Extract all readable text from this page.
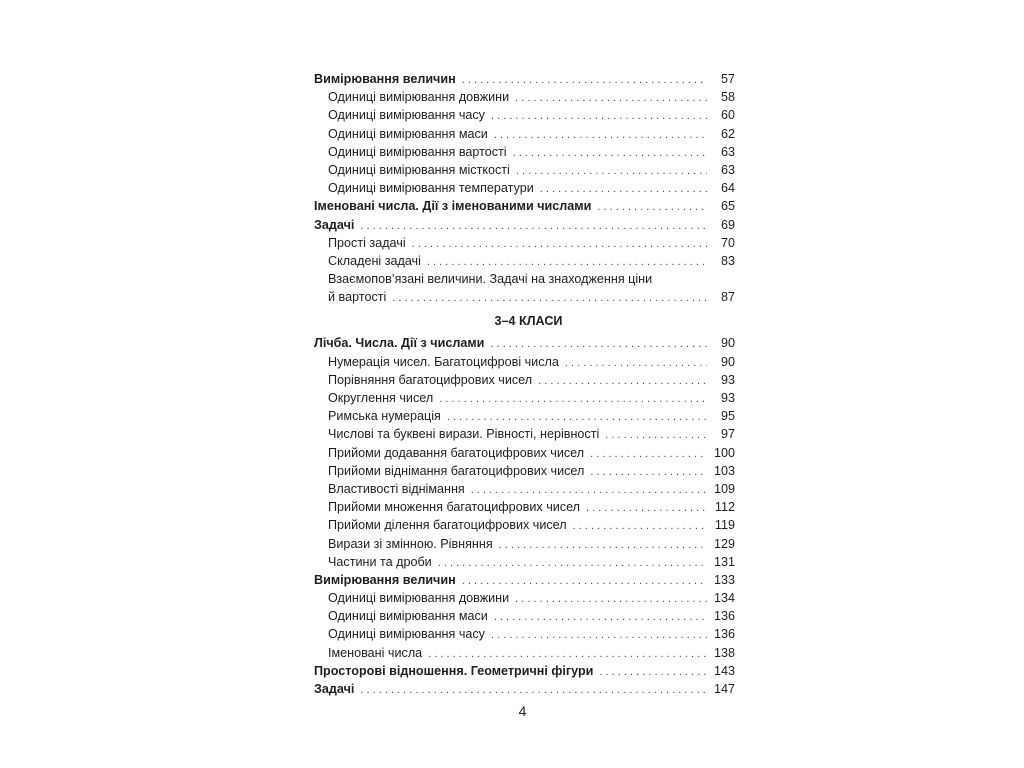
Вимірювання величин . . .	57
Одиниці вимірювання довжини . . .	58
Одиниці вимірювання часу . . .	60
Одиниці вимірювання маси . . .	62
Одиниці вимірювання вартості . . .	63
Одиниці вимірювання місткості . . .	63
Одиниці вимірювання температури . . .	64
Іменовані числа. Дії з іменованими числами . . .	65
Задачі . . .	69
Прості задачі . . .	70
Складені задачі . . .	83
Взаємопов’язані величини. Задачі на знаходження ціни
й вартості . . .	87
3–4 КЛАСИ
Лічба. Числа. Дії з числами . . .	90
Нумерація чисел. Багатоцифрові числа . . .	90
Порівняння багатоцифрових чисел . . .	93
Округлення чисел . . .	93
Римська нумерація . . .	95
Числові та буквені вирази. Рівності, нерівності . . .	97
Прийоми додавання багатоцифрових чисел . . .	100
Прийоми віднімання багатоцифрових чисел . . .	103
Властивості віднімання . . .	109
Прийоми множення багатоцифрових чисел . . .	112
Прийоми ділення багатоцифрових чисел . . .	119
Вирази зі змінною. Рівняння . . .	129
Частини та дроби . . .	131
Вимірювання величин . . .	133
Одиниці вимірювання довжини . . .	134
Одиниці вимірювання маси . . .	136
Одиниці вимірювання часу . . .	136
Іменовані числа . . .	138
Просторові відношення. Геометричні фігури . . .	143
Задачі . . .	147
4
